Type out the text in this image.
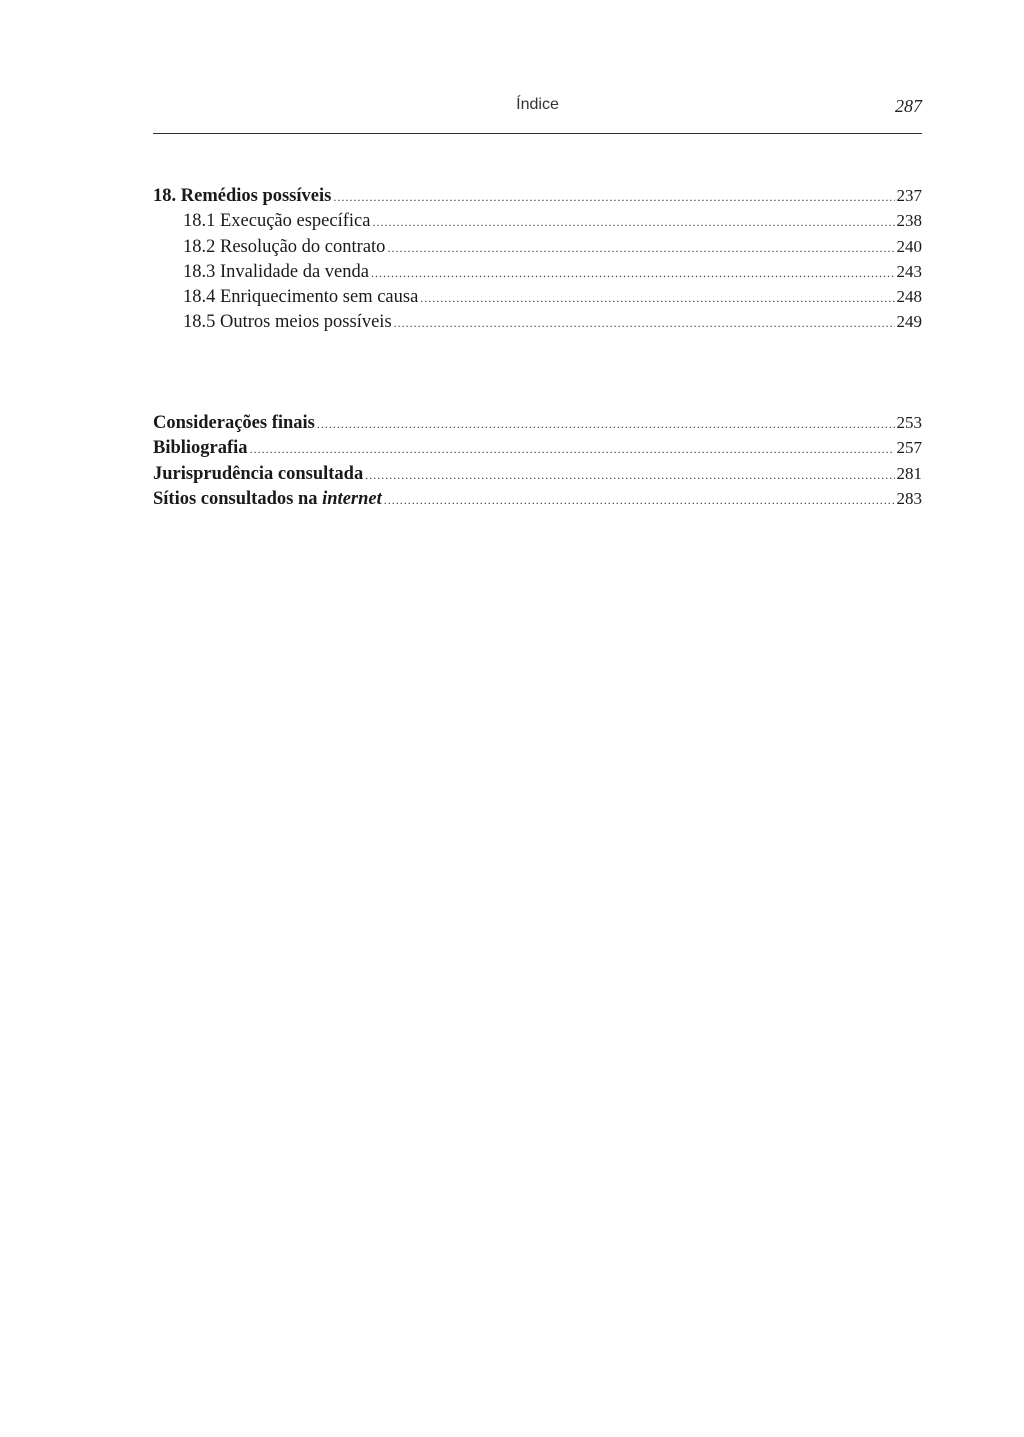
Índice	287
18. Remédios possíveis .....	237
18.1 Execução específica .....	238
18.2 Resolução do contrato .....	240
18.3 Invalidade da venda .....	243
18.4 Enriquecimento sem causa .....	248
18.5 Outros meios possíveis .....	249
Considerações finais .....	253
Bibliografia .....	257
Jurisprudência consultada .....	281
Sítios consultados na internet .....	283
